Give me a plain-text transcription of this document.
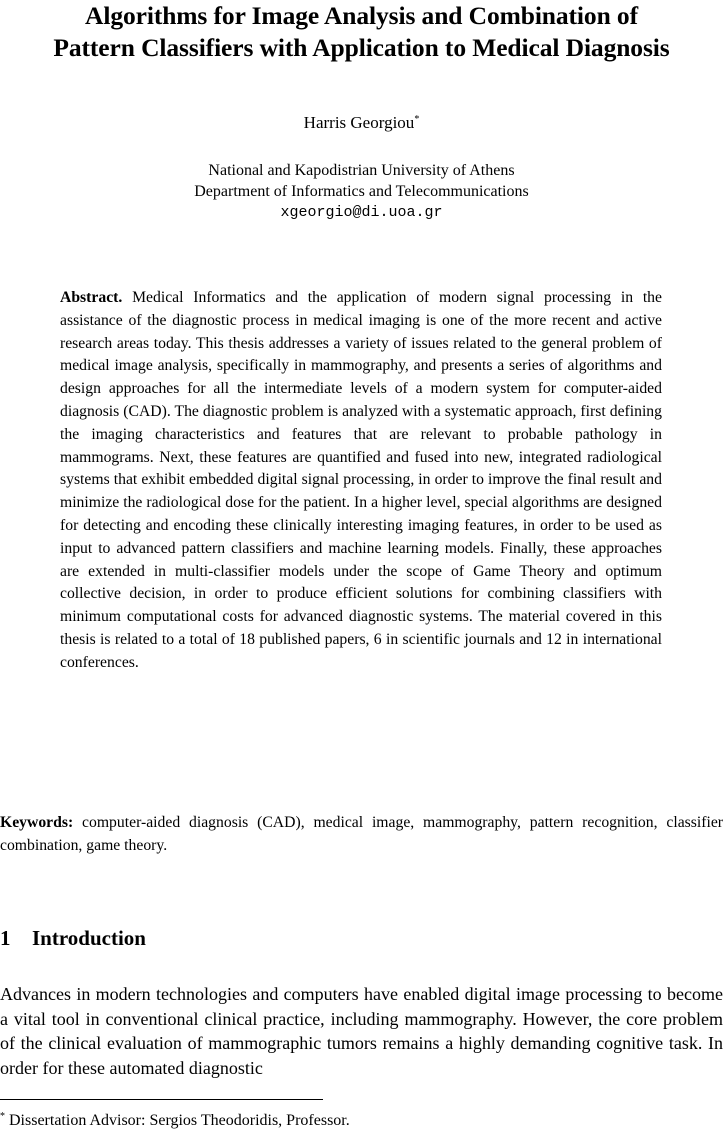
Algorithms for Image Analysis and Combination of
Pattern Classifiers with Application to Medical Diagnosis
Harris Georgiou*
National and Kapodistrian University of Athens
Department of Informatics and Telecommunications
xgeorgio@di.uoa.gr
Abstract. Medical Informatics and the application of modern signal processing in the assistance of the diagnostic process in medical imaging is one of the more recent and active research areas today. This thesis addresses a variety of issues related to the general problem of medical image analysis, specifically in mammography, and presents a series of algorithms and design approaches for all the intermediate levels of a modern system for computer-aided diagnosis (CAD). The diagnostic problem is analyzed with a systematic approach, first defining the imaging characteristics and features that are relevant to probable pathology in mammograms. Next, these features are quantified and fused into new, integrated radiological systems that exhibit embedded digital signal processing, in order to improve the final result and minimize the radiological dose for the patient. In a higher level, special algorithms are designed for detecting and encoding these clinically interesting imaging features, in order to be used as input to advanced pattern classifiers and machine learning models. Finally, these approaches are extended in multi-classifier models under the scope of Game Theory and optimum collective decision, in order to produce efficient solutions for combining classifiers with minimum computational costs for advanced diagnostic systems. The material covered in this thesis is related to a total of 18 published papers, 6 in scientific journals and 12 in international conferences.
Keywords: computer-aided diagnosis (CAD), medical image, mammography, pattern recognition, classifier combination, game theory.
1 Introduction
Advances in modern technologies and computers have enabled digital image processing to become a vital tool in conventional clinical practice, including mammography. However, the core problem of the clinical evaluation of mammographic tumors remains a highly demanding cognitive task. In order for these automated diagnostic
* Dissertation Advisor: Sergios Theodoridis, Professor.
